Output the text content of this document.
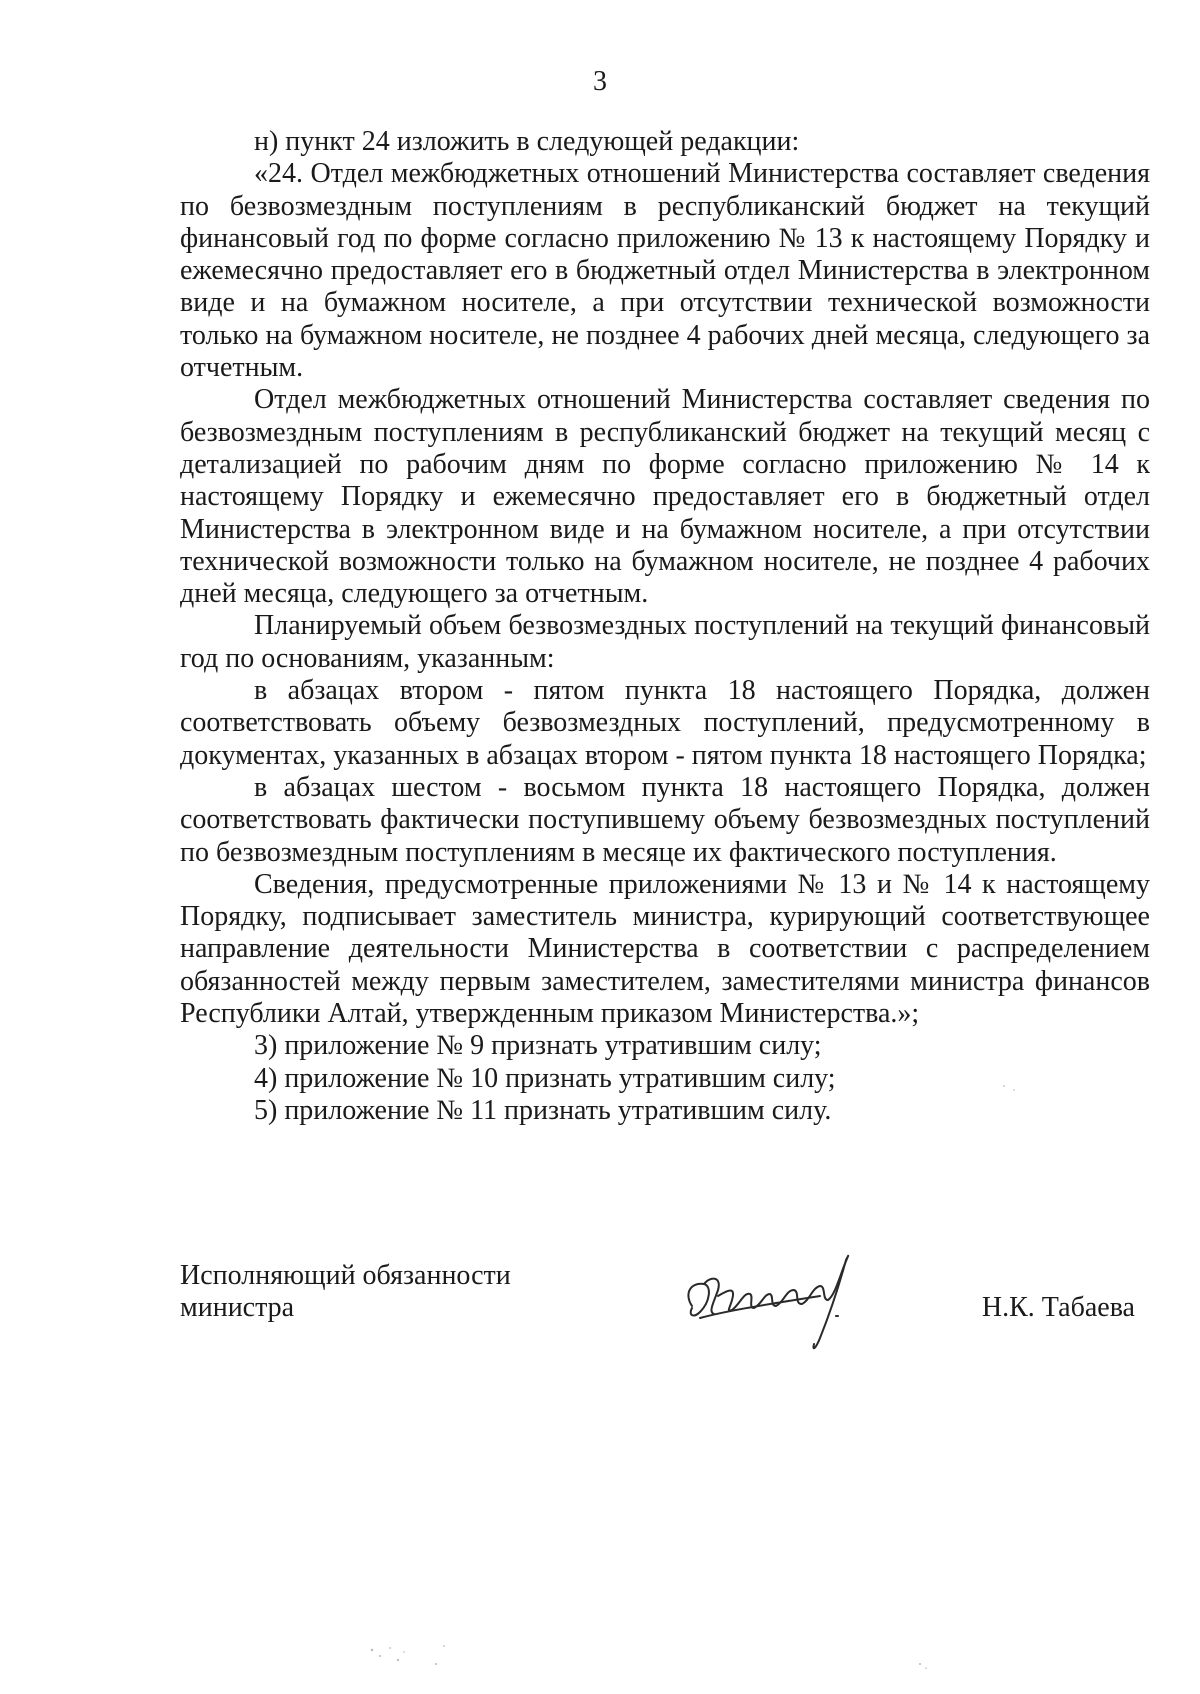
3

н) пункт 24 изложить в следующей редакции:

«24. Отдел межбюджетных отношений Министерства составляет сведения по безвозмездным поступлениям в республиканский бюджет на текущий финансовый год по форме согласно приложению № 13 к настоящему Порядку и ежемесячно предоставляет его в бюджетный отдел Министерства в электронном виде и на бумажном носителе, а при отсутствии технической возможности только на бумажном носителе, не позднее 4 рабочих дней месяца, следующего за отчетным.

Отдел межбюджетных отношений Министерства составляет сведения по безвозмездным поступлениям в республиканский бюджет на текущий месяц с детализацией по рабочим дням по форме согласно приложению № 14 к настоящему Порядку и ежемесячно предоставляет его в бюджетный отдел Министерства в электронном виде и на бумажном носителе, а при отсутствии технической возможности только на бумажном носителе, не позднее 4 рабочих дней месяца, следующего за отчетным.

Планируемый объем безвозмездных поступлений на текущий финансовый год по основаниям, указанным:

в абзацах втором - пятом пункта 18 настоящего Порядка, должен соответствовать объему безвозмездных поступлений, предусмотренному в документах, указанных в абзацах втором - пятом пункта 18 настоящего Порядка;

в абзацах шестом - восьмом пункта 18 настоящего Порядка, должен соответствовать фактически поступившему объему безвозмездных поступлений по безвозмездным поступлениям в месяце их фактического поступления.

Сведения, предусмотренные приложениями № 13 и № 14 к настоящему Порядку, подписывает заместитель министра, курирующий соответствующее направление деятельности Министерства в соответствии с распределением обязанностей между первым заместителем, заместителями министра финансов Республики Алтай, утвержденным приказом Министерства.»;

3) приложение № 9 признать утратившим силу;

4) приложение № 10 признать утратившим силу;

5) приложение № 11 признать утратившим силу.

Исполняющий обязанности
министра	Н.К. Табаева
